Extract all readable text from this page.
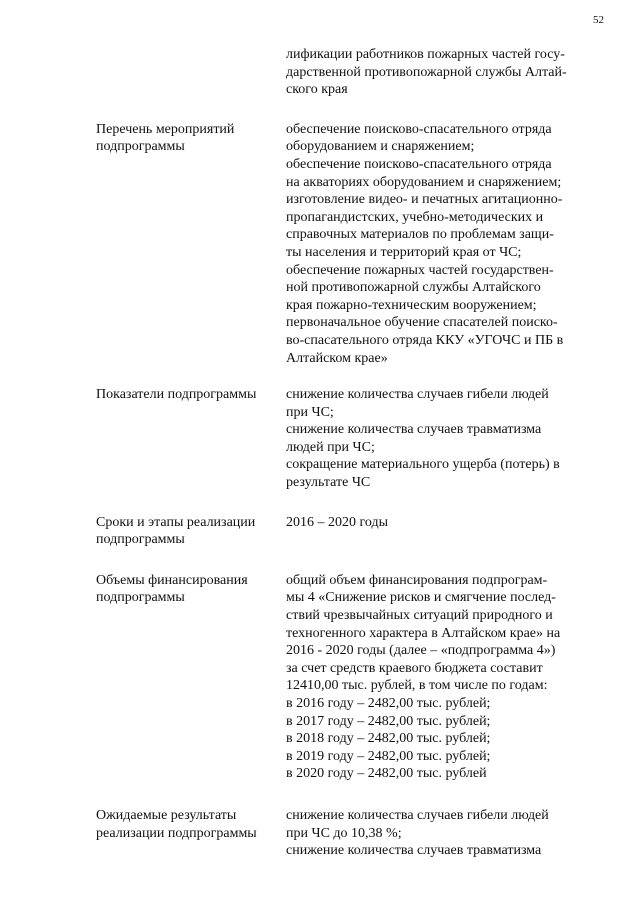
52
лификации работников пожарных частей госу-
дарственной противопожарной службы Алтай-
ского края
Перечень мероприятий
подпрограммы
обеспечение поисково-спасательного отряда
оборудованием и снаряжением;
обеспечение поисково-спасательного отряда
на акваториях оборудованием и снаряжением;
изготовление видео- и печатных агитационно-
пропагандистских, учебно-методических и
справочных материалов по проблемам защи-
ты населения и территорий края от ЧС;
обеспечение пожарных частей государствен-
ной противопожарной службы Алтайского
края пожарно-техническим вооружением;
первоначальное обучение спасателей поиско-
во-спасательного отряда ККУ «УГОЧС и ПБ в
Алтайском крае»
Показатели подпрограммы	снижение количества случаев гибели людей
при ЧС;
снижение количества случаев травматизма
людей при ЧС;
сокращение материального ущерба (потерь) в
результате ЧС
Сроки и этапы реализации
подпрограммы
2016 – 2020 годы
Объемы финансирования
подпрограммы
общий объем финансирования подпрограм-
мы 4 «Снижение рисков и смягчение послед-
ствий чрезвычайных ситуаций природного и
техногенного характера в Алтайском крае» на
2016 - 2020 годы (далее – «подпрограмма 4»)
за счет средств краевого бюджета составит
12410,00 тыс. рублей, в том числе по годам:
в 2016 году – 2482,00 тыс. рублей;
в 2017 году – 2482,00 тыс. рублей;
в 2018 году – 2482,00 тыс. рублей;
в 2019 году – 2482,00 тыс. рублей;
в 2020 году – 2482,00 тыс. рублей
Ожидаемые результаты
реализации подпрограммы
снижение количества случаев гибели людей
при ЧС до 10,38 %;
снижение количества случаев травматизма
